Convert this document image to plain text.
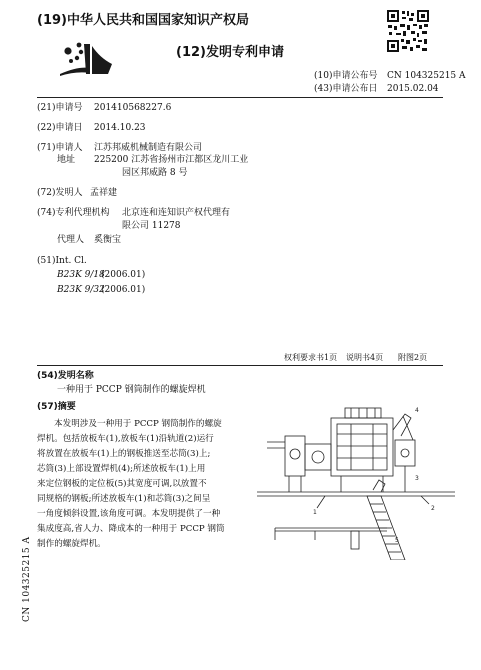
(19)中华人民共和国国家知识产权局
(12)发明专利申请
(10)申请公布号 CN 104325215 A
(43)申请公布日 2015.02.04
(21)申请号 201410568227.6
(22)申请日 2014.10.23
(71)申请人 江苏邦威机械制造有限公司
地址 225200 江苏省扬州市江都区龙川工业
园区邦威路 8 号
(72)发明人 孟祥建
(74)专利代理机构 北京连和连知识产权代理有
限公司 11278
代理人 奚衡宝
(51)Int. Cl.
B23K 9/18
(2006.01)
B23K 9/32
(2006.01)
权利要求书1页 说明书4页 附图2页
(54)发明名称
一种用于 PCCP 钢筒制作的螺旋焊机
(57)摘要
本发明涉及一种用于 PCCP 钢筒制作的螺旋
焊机。包括放板车(1),放板车(1)沿轨道(2)运行
将放置在放板车(1)上的钢板推送至芯筒(3)上;
芯筒(3)上部设置焊机(4);所述放板车(1)上用
来定位钢板的定位板(5)其宽度可调,以放置不
同规格的钢板;所述放板车(1)和芯筒(3)之间呈
一角度倾斜设置,该角度可调。本发明提供了一种
集成度高,省人力、降成本的一种用于 PCCP 钢筒
制作的螺旋焊机。
1
2
3
4
5
CN 104325215 A
